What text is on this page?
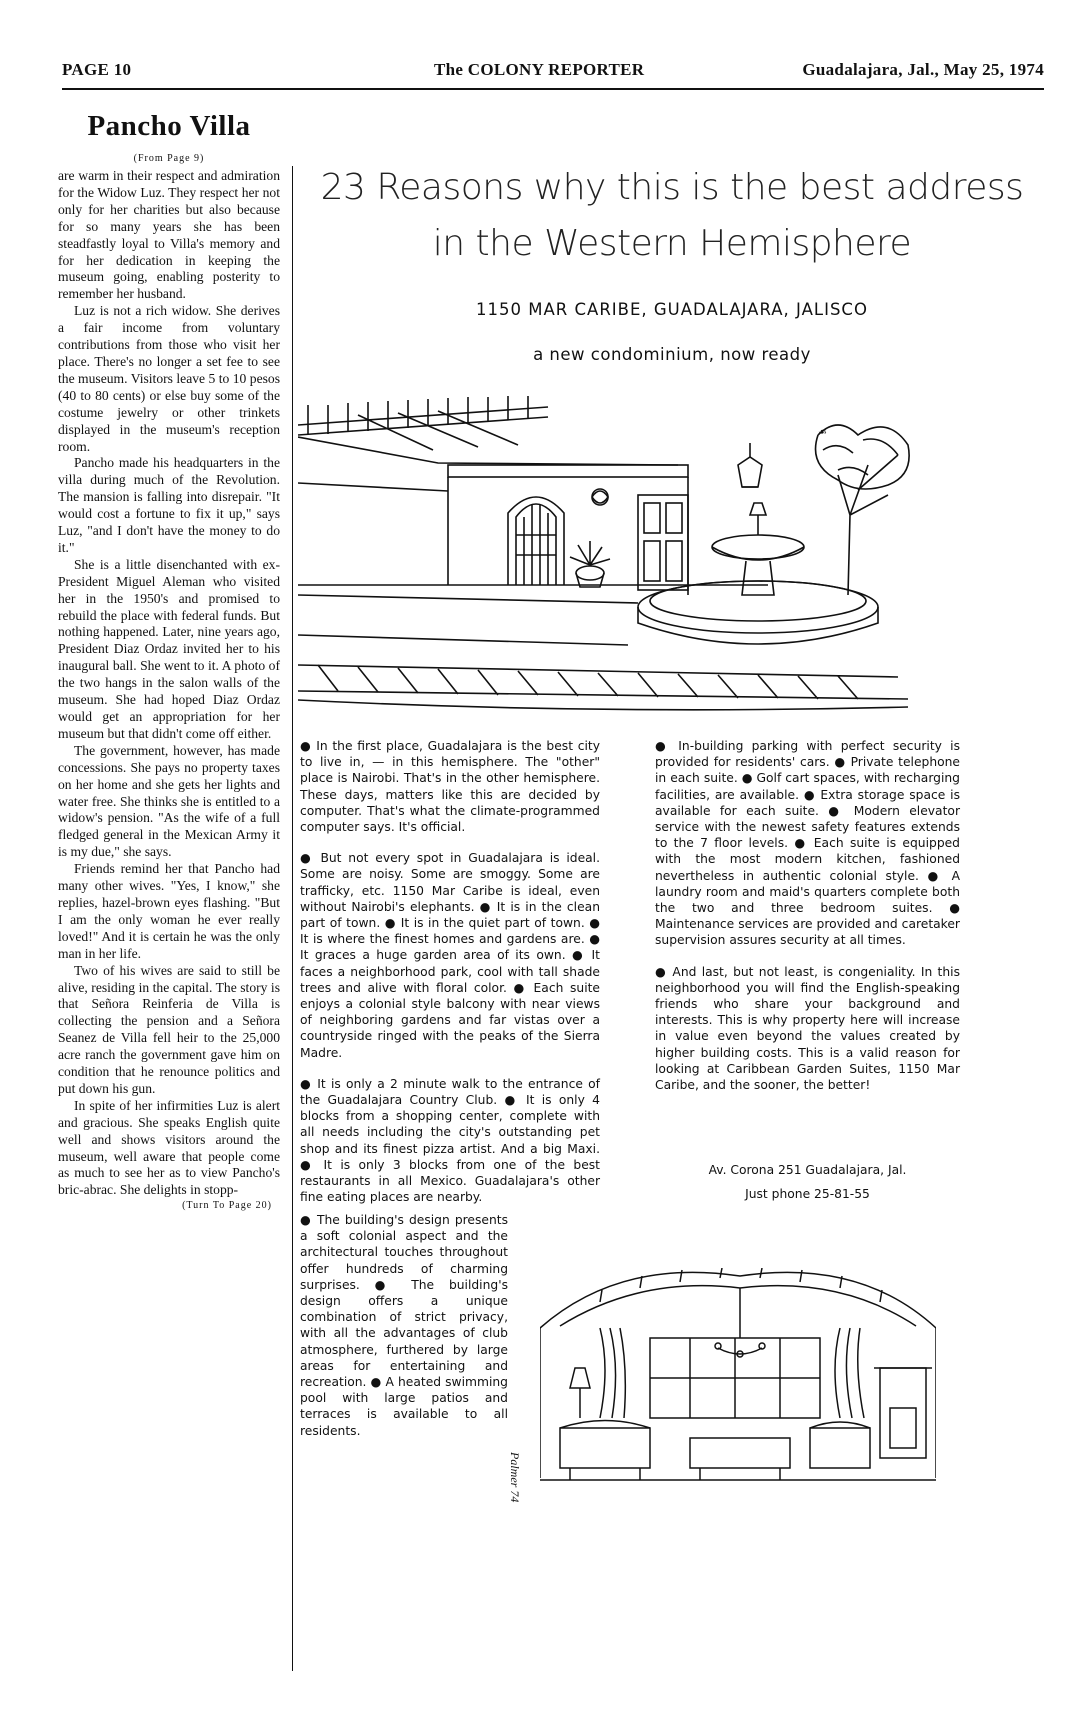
PAGE 10	The COLONY REPORTER	Guadalajara, Jal., May 25, 1974
Pancho Villa
(From Page 9)

are warm in their respect and admiration for the Widow Luz. They respect her not only for her charities but also because for so many years she has been steadfastly loyal to Villa's memory and for her dedication in keeping the museum going, enabling posterity to remember her husband.

Luz is not a rich widow. She derives a fair income from voluntary contributions from those who visit her place. There's no longer a set fee to see the museum. Visitors leave 5 to 10 pesos (40 to 80 cents) or else buy some of the costume jewelry or other trinkets displayed in the museum's reception room.

Pancho made his headquarters in the villa during much of the Revolution. The mansion is falling into disrepair. "It would cost a fortune to fix it up," says Luz, "and I don't have the money to do it."

She is a little disenchanted with ex-President Miguel Aleman who visited her in the 1950's and promised to rebuild the place with federal funds. But nothing happened. Later, nine years ago, President Diaz Ordaz invited her to his inaugural ball. She went to it. A photo of the two hangs in the salon walls of the museum. She had hoped Diaz Ordaz would get an appropriation for her museum but that didn't come off either.

The government, however, has made concessions. She pays no property taxes on her home and she gets her lights and water free. She thinks she is entitled to a widow's pension. "As the wife of a full fledged general in the Mexican Army it is my due," she says.

Friends remind her that Pancho had many other wives. "Yes, I know," she replies, hazel-brown eyes flashing. "But I am the only woman he ever really loved!" And it is certain he was the only man in her life.

Two of his wives are said to still be alive, residing in the capital. The story is that Señora Reinferia de Villa is collecting the pension and a Señora Seanez de Villa fell heir to the 25,000 acre ranch the government gave him on condition that he renounce politics and put down his gun.

In spite of her infirmities Luz is alert and gracious. She speaks English quite well and shows visitors around the museum, well aware that people come as much to see her as to view Pancho's bric-abrac. She delights in stopp-

(Turn To Page 20)
23 Reasons why this is the best address
in the Western Hemisphere
1150 MAR CARIBE, GUADALAJARA, JALISCO
a new condominium, now ready
☙

● In the first place, Guadalajara is the best city to live in, — in this hemisphere. The "other" place is Nairobi. That's in the other hemisphere. These days, matters like this are decided by computer. That's what the climate-programmed computer says. It's official.

● But not every spot in Guadalajara is ideal. Some are noisy. Some are smoggy. Some are trafficky, etc. 1150 Mar Caribe is ideal, even without Nairobi's elephants. ● It is in the clean part of town. ● It is in the quiet part of town. ● It is where the finest homes and gardens are. ● It graces a huge garden area of its own. ● It faces a neighborhood park, cool with tall shade trees and alive with floral color. ● Each suite enjoys a colonial style balcony with near views of neighboring gardens and far vistas over a countryside ringed with the peaks of the Sierra Madre.

● It is only a 2 minute walk to the entrance of the Guadalajara Country Club. ● It is only 4 blocks from a shopping center, complete with all needs including the city's outstanding pet shop and its finest pizza artist. And a big Maxi. ● It is only 3 blocks from one of the best restaurants in all Mexico. Guadalajara's other fine eating places are nearby.

● The building's design presents a soft colonial aspect and the architectural touches throughout offer hundreds of charming surprises. ● The building's design offers a unique combination of strict privacy, with all the advantages of club atmosphere, furthered by large areas for entertaining and recreation. ● A heated swimming pool with large patios and terraces is available to all residents.

● In-building parking with perfect security is provided for residents' cars. ● Private telephone in each suite. ● Golf cart spaces, with recharging facilities, are available. ● Extra storage space is available for each suite. ● Modern elevator service with the newest safety features extends to the 7 floor levels. ● Each suite is equipped with the most modern kitchen, fashioned nevertheless in authentic colonial style. ● A laundry room and maid's quarters complete both the two and three bedroom suites. ● Maintenance services are provided and caretaker supervision assures security at all times.

● And last, but not least, is congeniality. In this neighborhood you will find the English-speaking friends who share your background and interests. This is why property here will increase in value even beyond the values created by higher building costs. This is a valid reason for looking at Caribbean Garden Suites, 1150 Mar Caribe, and the sooner, the better!

Av. Corona 251 Guadalajara, Jal.
Just phone 25-81-55
Palmer 74
